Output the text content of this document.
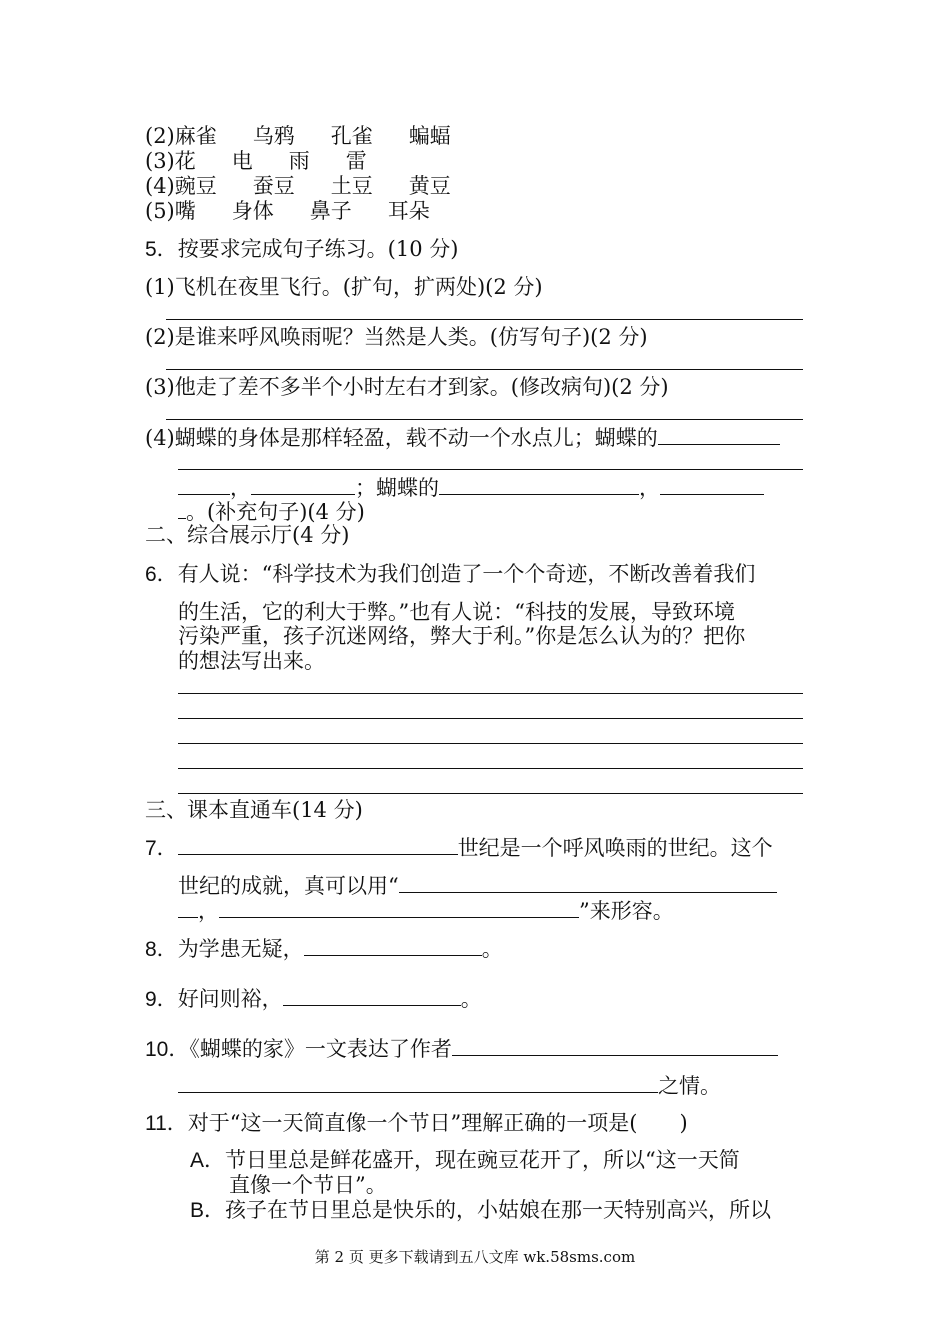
(2)麻雀 乌鸦 孔雀 蝙蝠
(3)花 电 雨 雷
(4)豌豆 蚕豆 土豆 黄豆
(5)嘴 身体 鼻子 耳朵
5．按要求完成句子练习。(10 分)
(1)飞机在夜里飞行。(扩句，扩两处)(2 分)
(2)是谁来呼风唤雨呢？当然是人类。(仿写句子)(2 分)
(3)他走了差不多半个小时左右才到家。(修改病句)(2 分)
(4)蝴蝶的身体是那样轻盈，载不动一个水点儿；蝴蝶的
，	；蝴蝶的	，
。(补充句子)(4 分)
二、综合展示厅(4 分)
6．有人说：“科学技术为我们创造了一个个奇迹，不断改善着我们
的生活，它的利大于弊。”也有人说：“科技的发展，导致环境
污染严重，孩子沉迷网络，弊大于利。”你是怎么认为的？把你
的想法写出来。
三、课本直通车(14 分)
7．	世纪是一个呼风唤雨的世纪。这个
世纪的成就，真可以用“
，	”来形容。
8．为学患无疑，	。
9．好问则裕，	。
10．《蝴蝶的家》一文表达了作者
之情。
11．对于“这一天简直像一个节日”理解正确的一项是(　　)
A．节日里总是鲜花盛开，现在豌豆花开了，所以“这一天简
直像一个节日”。
B．孩子在节日里总是快乐的，小姑娘在那一天特别高兴，所以
第 2 页 更多下载请到五八文库 wk.58sms.com
